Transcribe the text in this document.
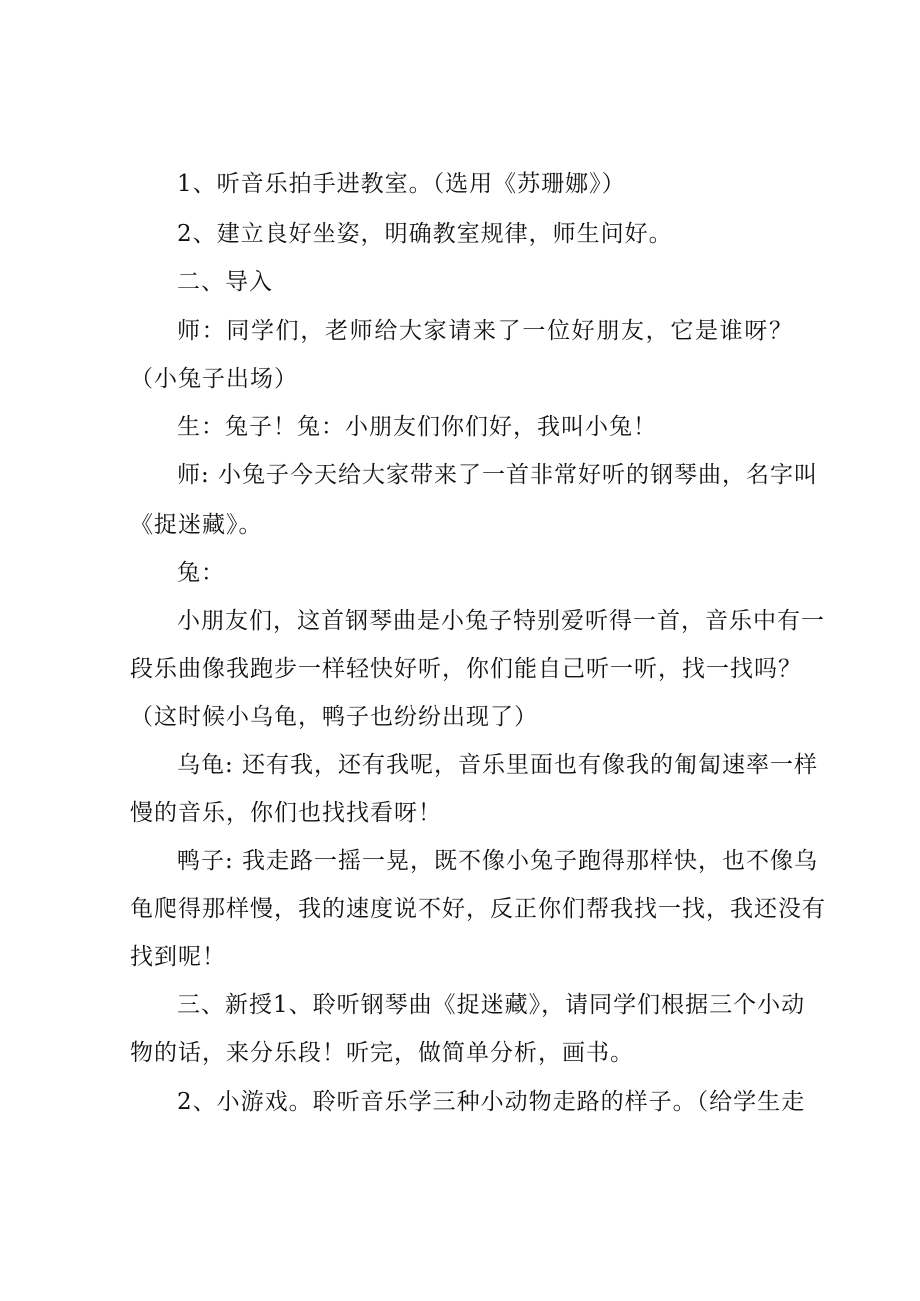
1、听音乐拍手进教室。（选用《苏珊娜》）
2、建立良好坐姿，明确教室规律，师生问好。
二、导入
师：同学们，老师给大家请来了一位好朋友，它是谁呀？
（小兔子出场）
生：兔子！兔：小朋友们你们好，我叫小兔！
师: 小兔子今天给大家带来了一首非常好听的钢琴曲，名字叫
《捉迷藏》。
兔：
小朋友们，这首钢琴曲是小兔子特别爱听得一首，音乐中有一
段乐曲像我跑步一样轻快好听，你们能自己听一听，找一找吗？
（这时候小乌龟，鸭子也纷纷出现了）
乌龟: 还有我，还有我呢，音乐里面也有像我的匍匐速率一样
慢的音乐，你们也找找看呀！
鸭子: 我走路一摇一晃，既不像小兔子跑得那样快，也不像乌
龟爬得那样慢，我的速度说不好，反正你们帮我找一找，我还没有
找到呢！
三、新授1、聆听钢琴曲《捉迷藏》，请同学们根据三个小动
物的话，来分乐段！听完，做简单分析，画书。
2、小游戏。聆听音乐学三种小动物走路的样子。（给学生走
